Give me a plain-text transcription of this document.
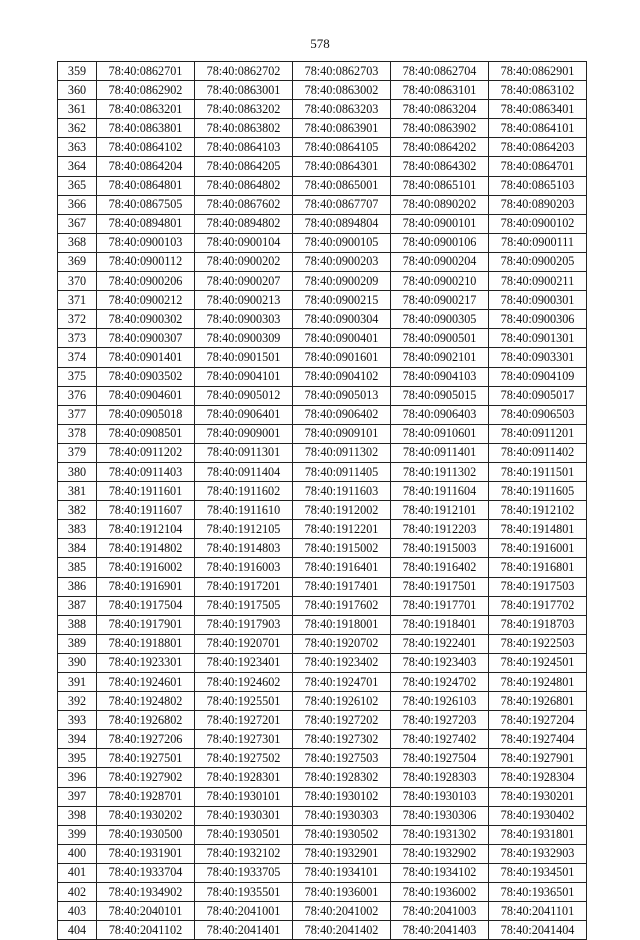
578
359	78:40:0862701	78:40:0862702	78:40:0862703	78:40:0862704	78:40:0862901
360	78:40:0862902	78:40:0863001	78:40:0863002	78:40:0863101	78:40:0863102
361	78:40:0863201	78:40:0863202	78:40:0863203	78:40:0863204	78:40:0863401
362	78:40:0863801	78:40:0863802	78:40:0863901	78:40:0863902	78:40:0864101
363	78:40:0864102	78:40:0864103	78:40:0864105	78:40:0864202	78:40:0864203
364	78:40:0864204	78:40:0864205	78:40:0864301	78:40:0864302	78:40:0864701
365	78:40:0864801	78:40:0864802	78:40:0865001	78:40:0865101	78:40:0865103
366	78:40:0867505	78:40:0867602	78:40:0867707	78:40:0890202	78:40:0890203
367	78:40:0894801	78:40:0894802	78:40:0894804	78:40:0900101	78:40:0900102
368	78:40:0900103	78:40:0900104	78:40:0900105	78:40:0900106	78:40:0900111
369	78:40:0900112	78:40:0900202	78:40:0900203	78:40:0900204	78:40:0900205
370	78:40:0900206	78:40:0900207	78:40:0900209	78:40:0900210	78:40:0900211
371	78:40:0900212	78:40:0900213	78:40:0900215	78:40:0900217	78:40:0900301
372	78:40:0900302	78:40:0900303	78:40:0900304	78:40:0900305	78:40:0900306
373	78:40:0900307	78:40:0900309	78:40:0900401	78:40:0900501	78:40:0901301
374	78:40:0901401	78:40:0901501	78:40:0901601	78:40:0902101	78:40:0903301
375	78:40:0903502	78:40:0904101	78:40:0904102	78:40:0904103	78:40:0904109
376	78:40:0904601	78:40:0905012	78:40:0905013	78:40:0905015	78:40:0905017
377	78:40:0905018	78:40:0906401	78:40:0906402	78:40:0906403	78:40:0906503
378	78:40:0908501	78:40:0909001	78:40:0909101	78:40:0910601	78:40:0911201
379	78:40:0911202	78:40:0911301	78:40:0911302	78:40:0911401	78:40:0911402
380	78:40:0911403	78:40:0911404	78:40:0911405	78:40:1911302	78:40:1911501
381	78:40:1911601	78:40:1911602	78:40:1911603	78:40:1911604	78:40:1911605
382	78:40:1911607	78:40:1911610	78:40:1912002	78:40:1912101	78:40:1912102
383	78:40:1912104	78:40:1912105	78:40:1912201	78:40:1912203	78:40:1914801
384	78:40:1914802	78:40:1914803	78:40:1915002	78:40:1915003	78:40:1916001
385	78:40:1916002	78:40:1916003	78:40:1916401	78:40:1916402	78:40:1916801
386	78:40:1916901	78:40:1917201	78:40:1917401	78:40:1917501	78:40:1917503
387	78:40:1917504	78:40:1917505	78:40:1917602	78:40:1917701	78:40:1917702
388	78:40:1917901	78:40:1917903	78:40:1918001	78:40:1918401	78:40:1918703
389	78:40:1918801	78:40:1920701	78:40:1920702	78:40:1922401	78:40:1922503
390	78:40:1923301	78:40:1923401	78:40:1923402	78:40:1923403	78:40:1924501
391	78:40:1924601	78:40:1924602	78:40:1924701	78:40:1924702	78:40:1924801
392	78:40:1924802	78:40:1925501	78:40:1926102	78:40:1926103	78:40:1926801
393	78:40:1926802	78:40:1927201	78:40:1927202	78:40:1927203	78:40:1927204
394	78:40:1927206	78:40:1927301	78:40:1927302	78:40:1927402	78:40:1927404
395	78:40:1927501	78:40:1927502	78:40:1927503	78:40:1927504	78:40:1927901
396	78:40:1927902	78:40:1928301	78:40:1928302	78:40:1928303	78:40:1928304
397	78:40:1928701	78:40:1930101	78:40:1930102	78:40:1930103	78:40:1930201
398	78:40:1930202	78:40:1930301	78:40:1930303	78:40:1930306	78:40:1930402
399	78:40:1930500	78:40:1930501	78:40:1930502	78:40:1931302	78:40:1931801
400	78:40:1931901	78:40:1932102	78:40:1932901	78:40:1932902	78:40:1932903
401	78:40:1933704	78:40:1933705	78:40:1934101	78:40:1934102	78:40:1934501
402	78:40:1934902	78:40:1935501	78:40:1936001	78:40:1936002	78:40:1936501
403	78:40:2040101	78:40:2041001	78:40:2041002	78:40:2041003	78:40:2041101
404	78:40:2041102	78:40:2041401	78:40:2041402	78:40:2041403	78:40:2041404
